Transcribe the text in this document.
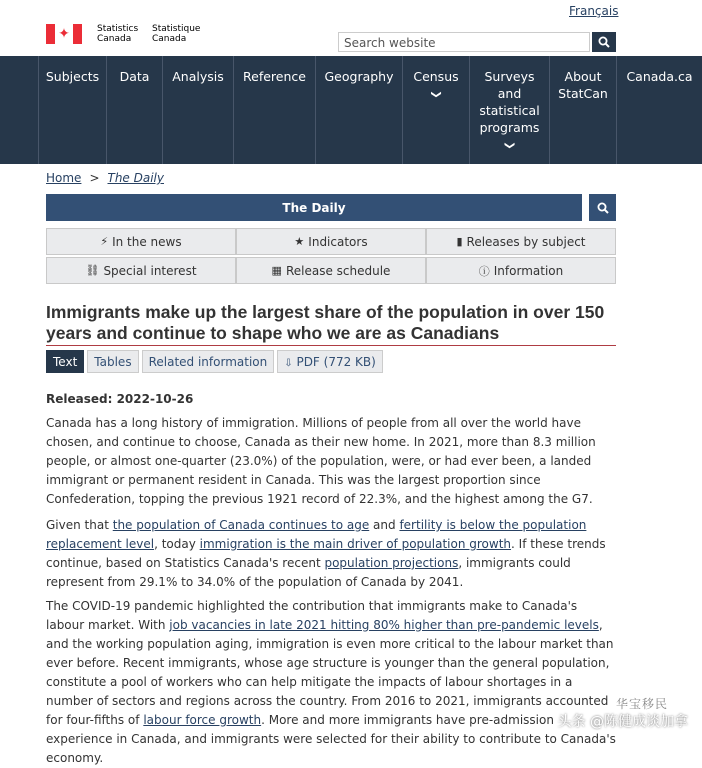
Français
✦	Statistics
Canada
Statistique
Canada	Search website
Subjects	Data	Analysis	Reference	Geography	Census
❯
Surveys and statistical programs
❯
About StatCan
Canada.ca
Home > The Daily
The Daily
⚡ In the news	★ Indicators	▮ Releases by subject
⛓ Special interest	▦ Release schedule	ⓘ Information
Immigrants make up the largest share of the population in over 150 years and continue to shape who we are as Canadians
Text	Tables	Related information	⇩ PDF (772 KB)
Released: 2022-10-26

Canada has a long history of immigration. Millions of people from all over the world have chosen, and continue to choose, Canada as their new home. In 2021, more than 8.3 million people, or almost one-quarter (23.0%) of the population, were, or had ever been, a landed immigrant or permanent resident in Canada. This was the largest proportion since Confederation, topping the previous 1921 record of 22.3%, and the highest among the G7.

Given that the population of Canada continues to age and fertility is below the population replacement level, today immigration is the main driver of population growth. If these trends continue, based on Statistics Canada's recent population projections, immigrants could represent from 29.1% to 34.0% of the population of Canada by 2041.

The COVID-19 pandemic highlighted the contribution that immigrants make to Canada's labour market. With job vacancies in late 2021 hitting 80% higher than pre-pandemic levels, and the working population aging, immigration is even more critical to the labour market than ever before. Recent immigrants, whose age structure is younger than the general population, constitute a pool of workers who can help mitigate the impacts of labour shortages in a number of sectors and regions across the country. From 2016 to 2021, immigrants accounted for four-fifths of labour force growth. More and more immigrants have pre-admission experience in Canada, and immigrants were selected for their ability to contribute to Canada's economy.

华宝移民
头条 @陈健成谈加拿
